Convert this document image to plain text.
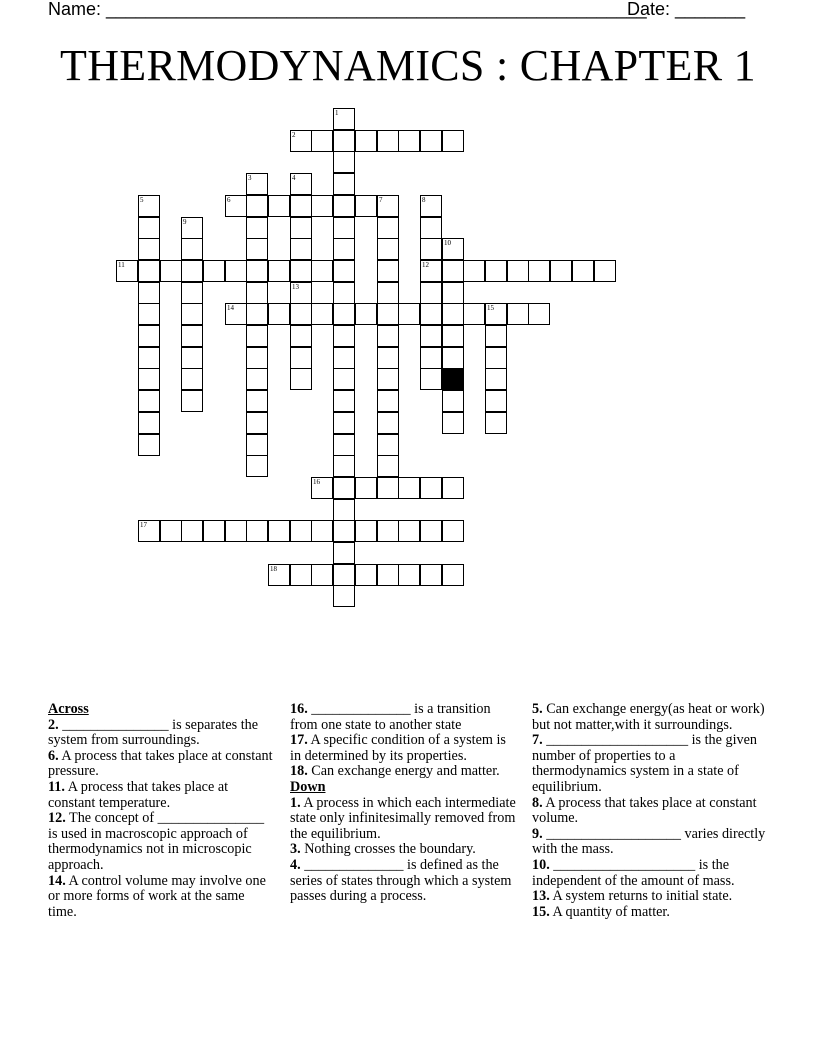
Name: ______________________________________________________
Date: _______
THERMODYNAMICS : CHAPTER 1
1
2
3	4
5	6	7	8
12
9
10
11
13
14	15
16
17
18
Across
2. _______________ is separates the system from surroundings.
6. A process that takes place at constant pressure.
11. A process that takes place at constant temperature.
12. The concept of _______________ is used in macroscopic approach of thermodynamics not in microscopic approach.
14. A control volume may involve one or more forms of work at the same time.
16. ______________ is a transition from one state to another state
17. A specific condition of a system is in determined by its properties.
18. Can exchange energy and matter.
Down
1. A process in which each intermediate state only infinitesimally removed from the equilibrium.
3. Nothing crosses the boundary.
4. ______________ is defined as the series of states through which a system passes during a process.
5. Can exchange energy(as heat or work) but not matter,with it surroundings.
7. ____________________ is the given number of properties to a thermodynamics system in a state of equilibrium.
8. A process that takes place at constant volume.
9. ___________________ varies directly with the mass.
10. ____________________ is the independent of the amount of mass.
13. A system returns to initial state.
15. A quantity of matter.
